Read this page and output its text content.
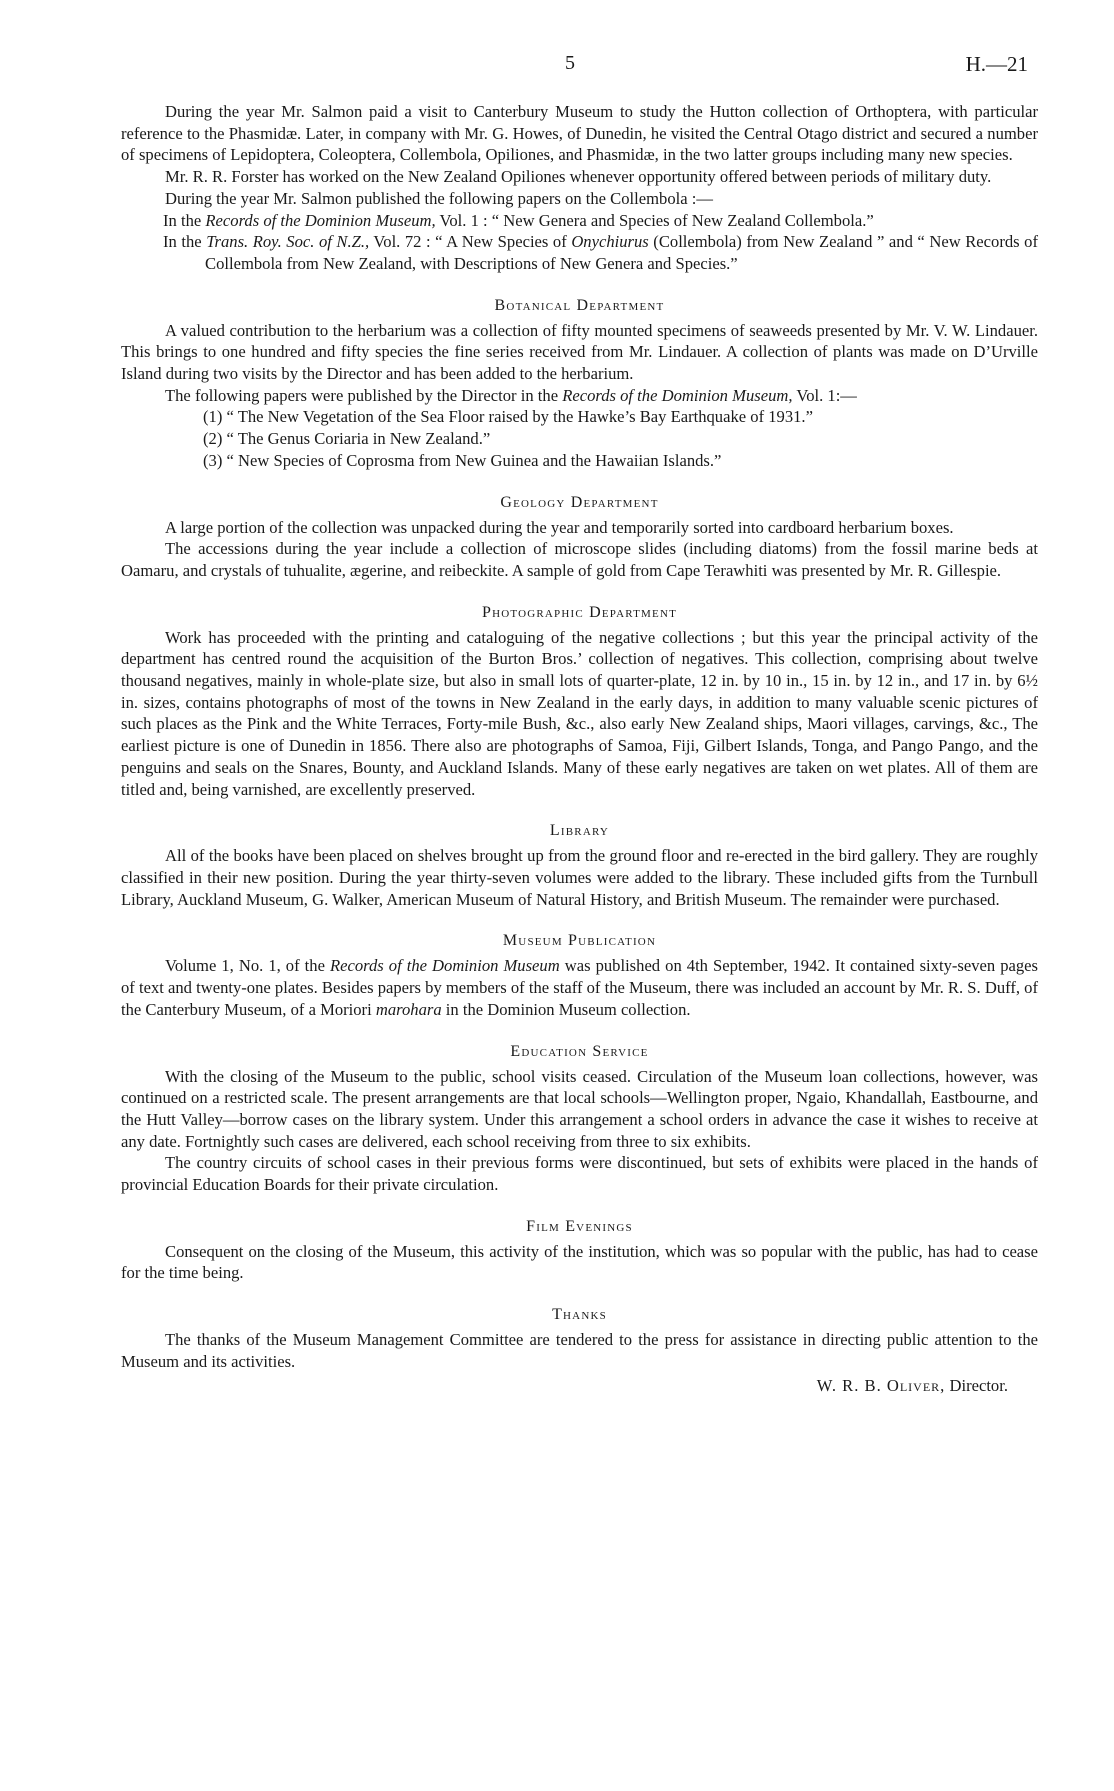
5	H.—21

During the year Mr. Salmon paid a visit to Canterbury Museum to study the Hutton collection of Orthoptera, with particular reference to the Phasmidæ. Later, in company with Mr. G. Howes, of Dunedin, he visited the Central Otago district and secured a number of specimens of Lepidoptera, Coleoptera, Collembola, Opiliones, and Phasmidæ, in the two latter groups including many new species.

Mr. R. R. Forster has worked on the New Zealand Opiliones whenever opportunity offered between periods of military duty.

During the year Mr. Salmon published the following papers on the Collembola :—

In the Records of the Dominion Museum, Vol. 1 : “ New Genera and Species of New Zealand Collembola.”
In the Trans. Roy. Soc. of N.Z., Vol. 72 : “ A New Species of Onychiurus (Collembola) from New Zealand ” and “ New Records of Collembola from New Zealand, with Descriptions of New Genera and Species.”
Botanical Department

A valued contribution to the herbarium was a collection of fifty mounted specimens of seaweeds presented by Mr. V. W. Lindauer. This brings to one hundred and fifty species the fine series received from Mr. Lindauer. A collection of plants was made on D’Urville Island during two visits by the Director and has been added to the herbarium.

The following papers were published by the Director in the Records of the Dominion Museum, Vol. 1:—

(1) “ The New Vegetation of the Sea Floor raised by the Hawke’s Bay Earthquake of 1931.”
(2) “ The Genus Coriaria in New Zealand.”
(3) “ New Species of Coprosma from New Guinea and the Hawaiian Islands.”
Geology Department

A large portion of the collection was unpacked during the year and temporarily sorted into cardboard herbarium boxes.

The accessions during the year include a collection of microscope slides (including diatoms) from the fossil marine beds at Oamaru, and crystals of tuhualite, ægerine, and reibeckite. A sample of gold from Cape Terawhiti was presented by Mr. R. Gillespie.

Photographic Department

Work has proceeded with the printing and cataloguing of the negative collections ; but this year the principal activity of the department has centred round the acquisition of the Burton Bros.’ collection of negatives. This collection, comprising about twelve thousand negatives, mainly in whole-plate size, but also in small lots of quarter-plate, 12 in. by 10 in., 15 in. by 12 in., and 17 in. by 6½ in. sizes, contains photographs of most of the towns in New Zealand in the early days, in addition to many valuable scenic pictures of such places as the Pink and the White Terraces, Forty-mile Bush, &c., also early New Zealand ships, Maori villages, carvings, &c., The earliest picture is one of Dunedin in 1856. There also are photographs of Samoa, Fiji, Gilbert Islands, Tonga, and Pango Pango, and the penguins and seals on the Snares, Bounty, and Auckland Islands. Many of these early negatives are taken on wet plates. All of them are titled and, being varnished, are excellently preserved.

Library

All of the books have been placed on shelves brought up from the ground floor and re-erected in the bird gallery. They are roughly classified in their new position. During the year thirty-seven volumes were added to the library. These included gifts from the Turnbull Library, Auckland Museum, G. Walker, American Museum of Natural History, and British Museum. The remainder were purchased.

Museum Publication

Volume 1, No. 1, of the Records of the Dominion Museum was published on 4th September, 1942. It contained sixty-seven pages of text and twenty-one plates. Besides papers by members of the staff of the Museum, there was included an account by Mr. R. S. Duff, of the Canterbury Museum, of a Moriori marohara in the Dominion Museum collection.

Education Service

With the closing of the Museum to the public, school visits ceased. Circulation of the Museum loan collections, however, was continued on a restricted scale. The present arrangements are that local schools—Wellington proper, Ngaio, Khandallah, Eastbourne, and the Hutt Valley—borrow cases on the library system. Under this arrangement a school orders in advance the case it wishes to receive at any date. Fortnightly such cases are delivered, each school receiving from three to six exhibits.

The country circuits of school cases in their previous forms were discontinued, but sets of exhibits were placed in the hands of provincial Education Boards for their private circulation.

Film Evenings

Consequent on the closing of the Museum, this activity of the institution, which was so popular with the public, has had to cease for the time being.

Thanks

The thanks of the Museum Management Committee are tendered to the press for assistance in directing public attention to the Museum and its activities.

W. R. B. Oliver, Director.
